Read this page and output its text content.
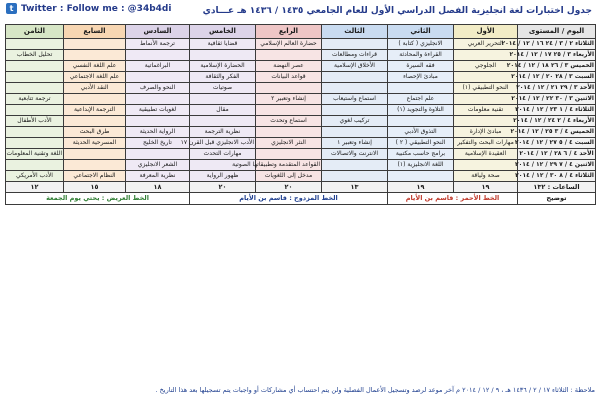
جدول اختبارات لغة انجليزية الفصل الدراسي الأول للعام الجامعي ١٤٣٥ / ١٤٣٦ هـ عـــادي
t Twitter : Follow me : @34b4di
اليوم / المستوى	الأول	الثاني	الثالث	الرابع	الخامس	السادس	السابع	الثامن
الثلاثاء ٢ / ٣ / ٢٤ ١٦ / ١٢ / ٢٠١٤	التحرير العربي	الانجليزي ( كتابة )		حضارة العالم الإسلامي	قضايا ثقافية	ترجمة الأنماط		
الأربعاء ٣ / ٢٥ ١٧ / ١٢ / ٢٠١٤		القراءة والمحادثة	قراءات ومطالعات					تحليل الخطاب
الخميس ٣ / ٢٦ ١٨ / ١٢ / ٢٠١٤	الجلوجي	فقه السيرة	الأخلاق الإسلامية	عصر النهضة	الحضارة الإسلامية	البراغماتية	علم اللغة النفسي	
السبت ٣ / ٢٨ ٢٠ / ١٢ / ٢٠١٤		مبادئ الإحصاء		قواعد البيانات	الفكر والثقافة		علم اللغة الاجتماعي	
الأحد ٣ / ٢٩ ٢١ / ١٢ / ٢٠١٤	النحو التطبيقي (١)				صوتيات	النحو والصرف	النقد الأدبي	
الاثنين ٣ / ٣٠ ٢٢ / ١٢ / ٢٠١٤		علم اجتماع	استماع واستيعاب	إنشاء وتعبير ٢				ترجمة تتابعية
الثلاثاء ٤ / ١ ٢٣ / ١٢ / ٢٠١٤	تقنية معلومات	التلاوة والتجويد (١)			مقال	لغويات تطبيقية	الترجمة الإبداعية	
الأربعاء ٤ / ٢ ٢٤ / ١٢ / ٢٠١٤			تركيب لغوي	استماع وتحدث				الأدب الأطفال
الخميس ٤ / ٣ ٢٥ / ١٢ / ٢٠١٤	مبادئ الإدارة	التذوق الأدبي			نظرية الترجمة	الرواية الحديثة	طرق البحث	
السبت ٤ / ٥ ٢٧ / ١٢ / ٢٠١٤	مهارات البحث والتفكير	النحو التطبيقي ( ٢ )	إنشاء وتعبير ١	النثر الانجليزي	الأدب الانجليزي قبل القرن ١٧	تاريخ الخليج	المسرحية الحديثة	
الأحد ٤ / ٦ ٢٨ / ١٢ / ٢٠١٤	العقيدة الإسلامية	برامج حاسب مكتبية	الانترنت والاتصالات		مهارات التحدث			اللغة وتقنية المعلومات
الاثنين ٤ / ٧ ٢٩ / ١٢ / ٢٠١٤		اللغة الانجليزية (١)		القواعد المتقدمة وتطبيقاتها الصوتية		الشعر الانجليزي		
الثلاثاء ٤ / ٨ ٣٠ / ١٢ / ٢٠١٤	صحة ولياقة			مدخل إلى اللغويات	ظهور الرواية	نظرية المعرفة	النظام الاجتماعي	الأدب الأمريكي
الساعات : ١٣٢	١٩	١٩	١٣	٢٠	٢٠	١٨	١٥	١٢
توضيح	الخط الأحمر : قاسم بن الأيام		الخط المزدوج : قاسم بن الأيام			الخط العريض : يحتي يوم الجمعة		
ملاحظة : الثلاثاء ١٧ / ٢ / ١٤٣٦ هـ ، ٩ / ١٢ / ٢٠١٤ م آخر موعد لرصد وتسجيل الأعمال الفصلية ولن يتم احتساب أي مشاركات أو واجبات يتم تسجيلها بعد هذا التاريخ .
